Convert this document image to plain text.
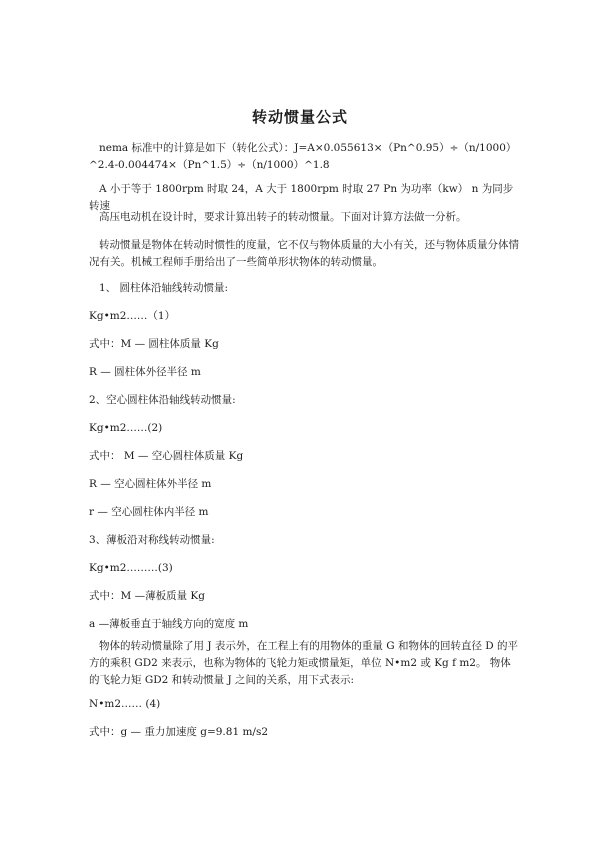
转动惯量公式
nema 标准中的计算是如下（转化公式）：J=A×0.055613×（Pn^0.95）÷（n/1000）^2.4-0.004474×（Pn^1.5）÷（n/1000）^1.8
A 小于等于 1800rpm 时取 24，A 大于 1800rpm 时取 27 Pn 为功率（kw） n 为同步转速
高压电动机在设计时，要求计算出转子的转动惯量。下面对计算方法做一分析。
转动惯量是物体在转动时惯性的度量，它不仅与物体质量的大小有关，还与物体质量分体情况有关。机械工程师手册给出了一些简单形状物体的转动惯量。
1、 圆柱体沿轴线转动惯量:
Kg•m2……（1）
式中：M — 圆柱体质量 Kg
R — 圆柱体外径半径 m
2、空心圆柱体沿轴线转动惯量:
Kg•m2……(2)
式中： M — 空心圆柱体质量 Kg
R — 空心圆柱体外半径 m
r — 空心圆柱体内半径 m
3、薄板沿对称线转动惯量:
Kg•m2………(3)
式中：M —薄板质量 Kg
a —薄板垂直于轴线方向的宽度 m
物体的转动惯量除了用 J 表示外，在工程上有的用物体的重量 G 和物体的回转直径 D 的平方的乘积 GD2 来表示，也称为物体的飞轮力矩或惯量矩，单位 N•m2 或 Kg f m2。 物体的飞轮力矩 GD2 和转动惯量 J 之间的关系，用下式表示:
N•m2…… (4)
式中：g — 重力加速度 g=9.81 m/s2
